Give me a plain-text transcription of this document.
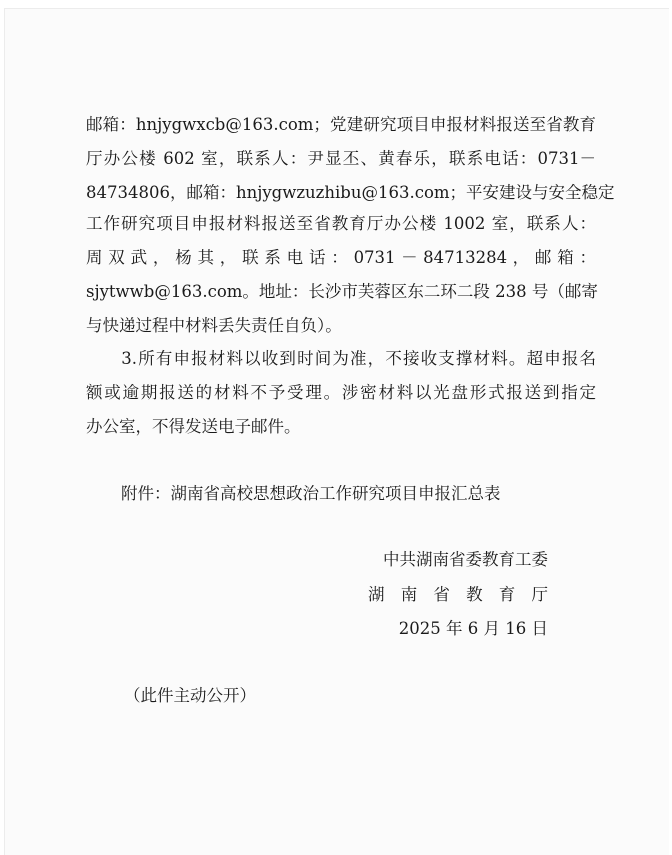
邮箱：hnjygwxcb@163.com；党建研究项目申报材料报送至省教育
厅办公楼 602 室，联系人：尹显丕、黄春乐，联系电话：0731－
84734806，邮箱：hnjygwzuzhibu@163.com；平安建设与安全稳定
工作研究项目申报材料报送至省教育厅办公楼 1002 室，联系人：
周 双 武 ， 杨 其 ， 联 系 电 话 ： 0731 － 84713284 ， 邮 箱 ：
sjytwwb@163.com。地址：长沙市芙蓉区东二环二段 238 号（邮寄
与快递过程中材料丢失责任自负）。
　　3.所有申报材料以收到时间为准，不接收支撑材料。超申报名
额或逾期报送的材料不予受理。涉密材料以光盘形式报送到指定
办公室，不得发送电子邮件。
附件：湖南省高校思想政治工作研究项目申报汇总表
中共湖南省委教育工委
湖 南 省 教 育 厅
2025 年 6 月 16 日
（此件主动公开）
